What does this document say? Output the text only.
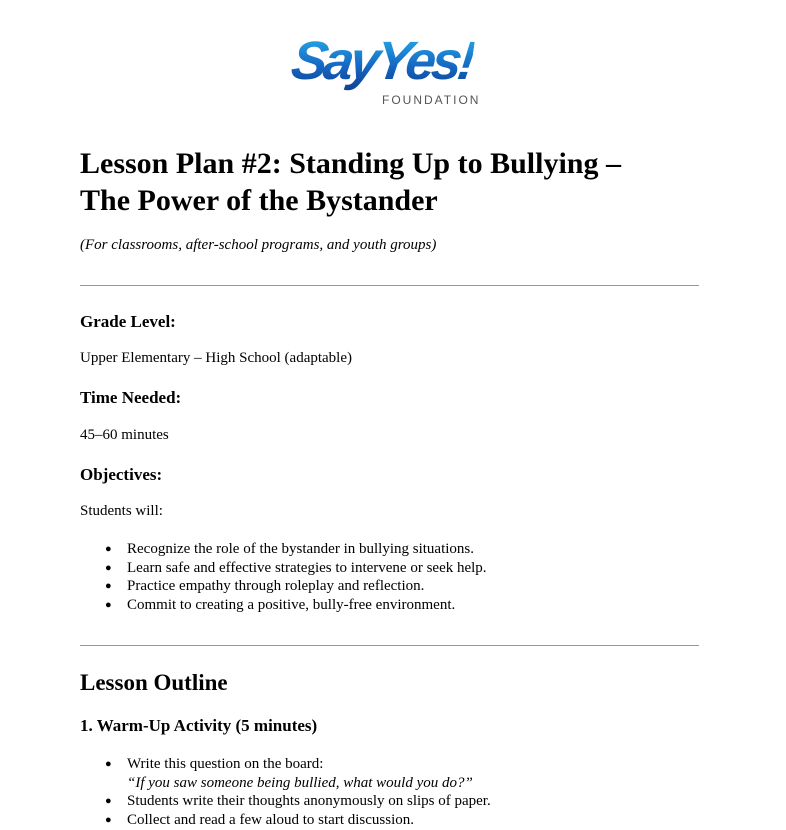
SayYes!
FOUNDATION
Lesson Plan #2: Standing Up to Bullying –
The Power of the Bystander

(For classrooms, after-school programs, and youth groups)

Grade Level:

Upper Elementary – High School (adaptable)

Time Needed:

45–60 minutes

Objectives:

Students will:

● Recognize the role of the bystander in bullying situations.
● Learn safe and effective strategies to intervene or seek help.
● Practice empathy through roleplay and reflection.
● Commit to creating a positive, bully-free environment.
Lesson Outline
1. Warm-Up Activity (5 minutes)
● Write this question on the board:
“If you saw someone being bullied, what would you do?”
● Students write their thoughts anonymously on slips of paper.
● Collect and read a few aloud to start discussion.
